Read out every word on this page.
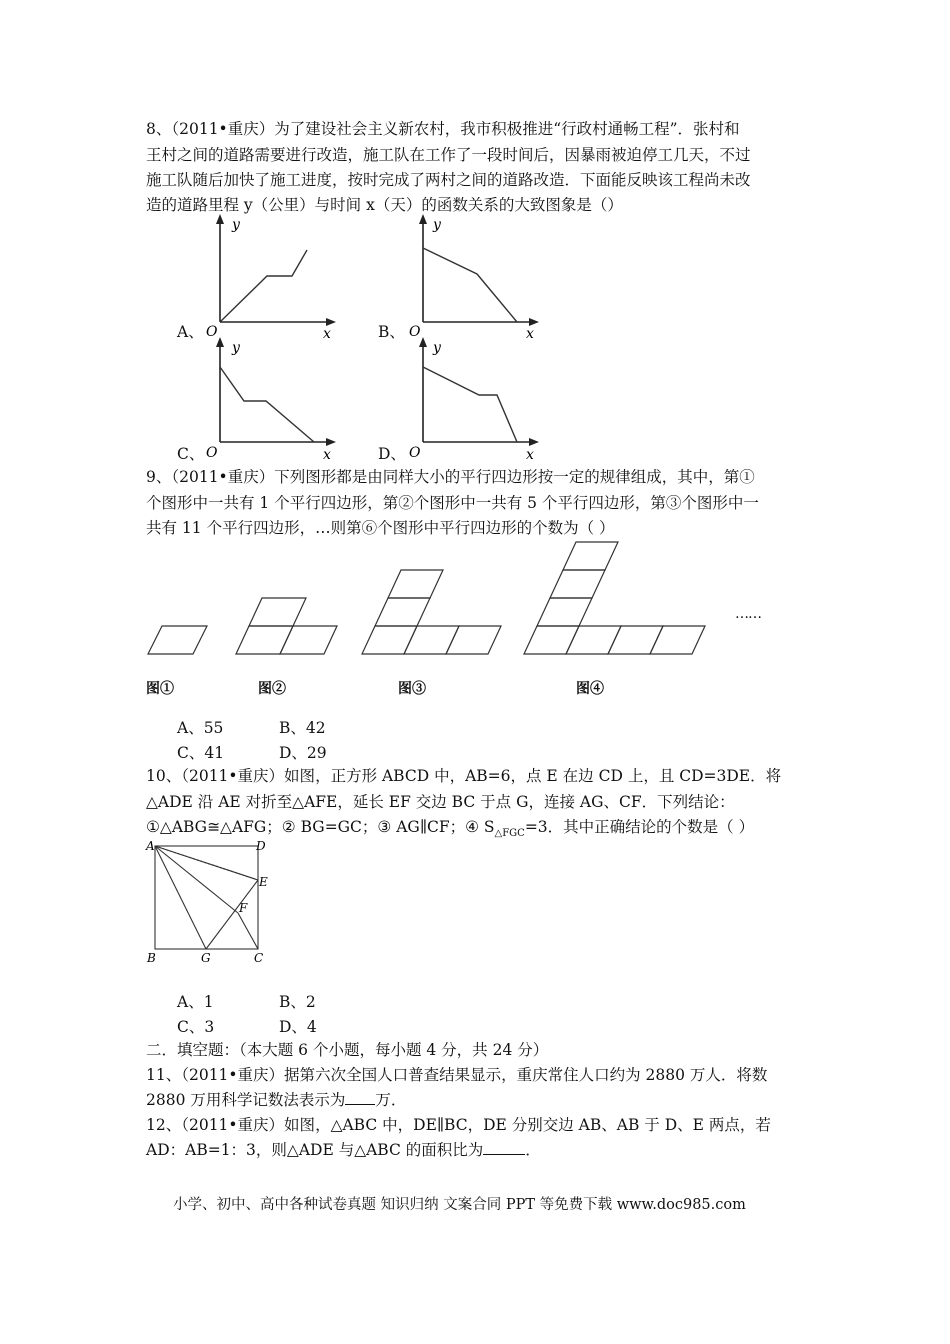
8、（2011•重庆）为了建设社会主义新农村，我市积极推进“行政村通畅工程”．张村和
王村之间的道路需要进行改造，施工队在工作了一段时间后，因暴雨被迫停工几天，不过
施工队随后加快了施工进度，按时完成了两村之间的道路改造．下面能反映该工程尚未改
造的道路里程 y（公里）与时间 x（天）的函数关系的大致图象是（）
A、
y
x
O	B、
y
x
O
C、
y
x
O	D、
y
x
O
9、（2011•重庆）下列图形都是由同样大小的平行四边形按一定的规律组成，其中，第①
个图形中一共有 1 个平行四边形，第②个图形中一共有 5 个平行四边形，第③个图形中一
共有 11 个平行四边形，…则第⑥个图形中平行四边形的个数为（ ）
……
图①	图②	图③	图④
A、55	B、42
C、41	D、29
10、（2011•重庆）如图，正方形 ABCD 中，AB=6，点 E 在边 CD 上，且 CD=3DE．将
△ADE 沿 AE 对折至△AFE，延长 EF 交边 BC 于点 G，连接 AG、CF．下列结论：
①△ABG≅△AFG；② BG=GC；③ AG∥CF；④ $S_{\triangle FGC}=3$．其中正确结论的个数是（ ）
A	D
E
F
B	G	C
A、1	B、2
C、3	D、4
二．填空题：（本大题 6 个小题，每小题 4 分，共 24 分）
11、（2011•重庆）据第六次全国人口普查结果显示，重庆常住人口约为 2880 万人．将数
2880 万用科学记数法表示为 万．
12、（2011•重庆）如图，△ABC 中，DE∥BC，DE 分别交边 AB、AB 于 D、E 两点，若
AD：AB=1：3，则△ADE 与△ABC 的面积比为	．
小学、初中、高中各种试卷真题 知识归纳 文案合同 PPT 等免费下载 www.doc985.com
